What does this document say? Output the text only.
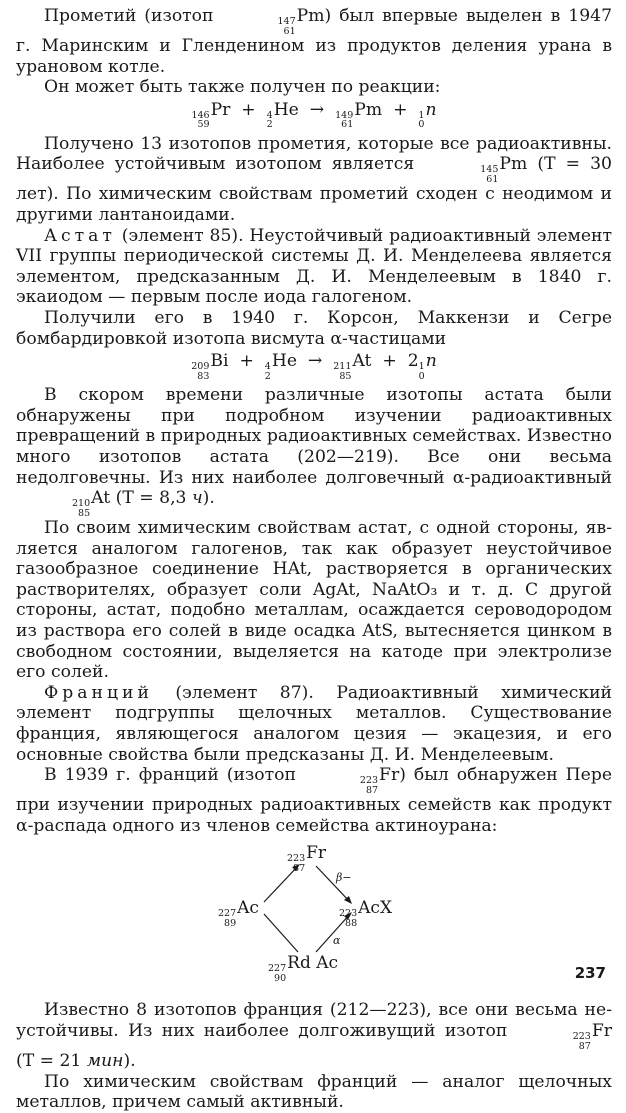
Прометий (изотоп	147
61
Pm) был впервые выделен в 1947 г. Маринским и Гленденином из продуктов деления урана в урановом котле.

Он может быть также получен по реакции:

146
59
Pr  + 4
2
He  → 149
61
Pm  + 1
0
n

Получено 13 изотопов прометия, которые все радиоактивны. Наиболее устойчивым изотопом является	145
61
Pm (T = 30 лет). По химическим свойствам прометий сходен с неодимом и другими лантаноидами.

Астат (элемент 85). Неустойчивый радиоактивный элемент VII группы периодической системы Д. И. Менделеева является элементом, предсказанным Д. И. Менделеевым в 1840 г. экаиодом — первым после иода галогеном.

Получили его в 1940 г. Корсон, Маккензи и Сегре бомбардировкой изотопа висмута α-частицами

209
83
Bi  + 4
2
He  → 211
85
At  +  2 1
0
n

В скором времени различные изотопы астата были обнаружены при подробном изучении радиоактивных превращений в природных радиоактивных семействах. Известно много изотопов астата (202—219). Все они весьма недолговечны. Из них наиболее долговечный α-радиоактивный
210
85
At (T = 8,3 ч).

По своим химическим свойствам астат, с одной стороны, является аналогом галогенов, так как образует неустойчивое газообразное соединение HAt, растворяется в органических растворителях, образует соли AgAt, NaAtO₃ и т. д. С другой стороны, астат, подобно металлам, осаждается сероводородом из раствора его солей в виде осадка AtS, вытесняется цинком в свободном состоянии, выделяется на катоде при электролизе его солей.

Франций (элемент 87). Радиоактивный химический элемент подгруппы щелочных металлов. Существование франция, являющегося аналогом цезия — экацезия, и его основные свойства были предсказаны Д. И. Менделеевым.

В 1939 г. франций (изотоп	223
87
Fr) был обнаружен Пере при изучении природных радиоактивных семейств как продукт α-распада одного из членов семейства актиноурана:

223
87
Fr
227
89
Ac	223
88
AcX
227
90
Rd Ac
β−
α

Известно 8 изотопов франция (212—223), все они весьма неустойчивы. Из них наиболее долгоживущий изотоп	223
87
Fr (T = 21 мин).

По химическим свойствам франций — аналог щелочных металлов, причем самый активный.

237
